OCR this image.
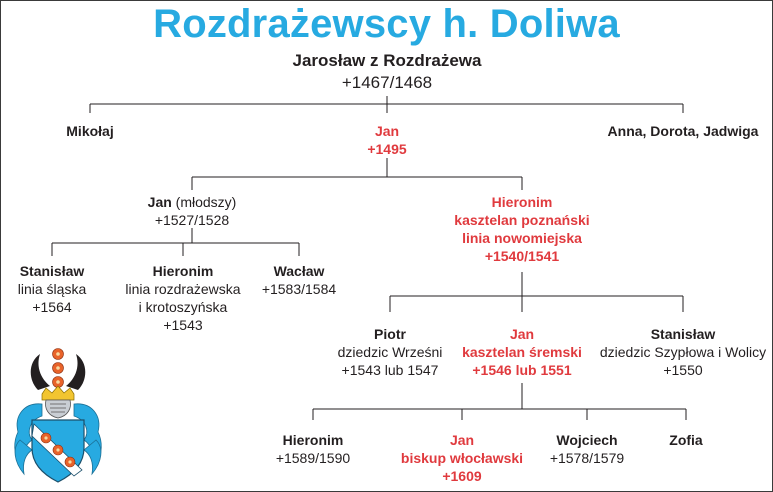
Rozdrażewscy h. Doliwa
Jarosław z Rozdrażewa
+1467/1468
Mikołaj	Jan
+1495
Anna, Dorota, Jadwiga
Jan (młodszy)
+1527/1528
Hieronim
kasztelan poznański
linia nowomiejska
+1540/1541
Stanisław
linia śląska
+1564
Hieronim
linia rozdrażewska
i krotoszyńska
+1543
Wacław
+1583/1584
Piotr
dziedzic Wrześni
+1543 lub 1547
Jan
kasztelan śremski
+1546 lub 1551
Stanisław
dziedzic Szypłowa i Wolicy
+1550
Hieronim
+1589/1590
Jan
biskup włocławski
+1609
Wojciech
+1578/1579
Zofia
